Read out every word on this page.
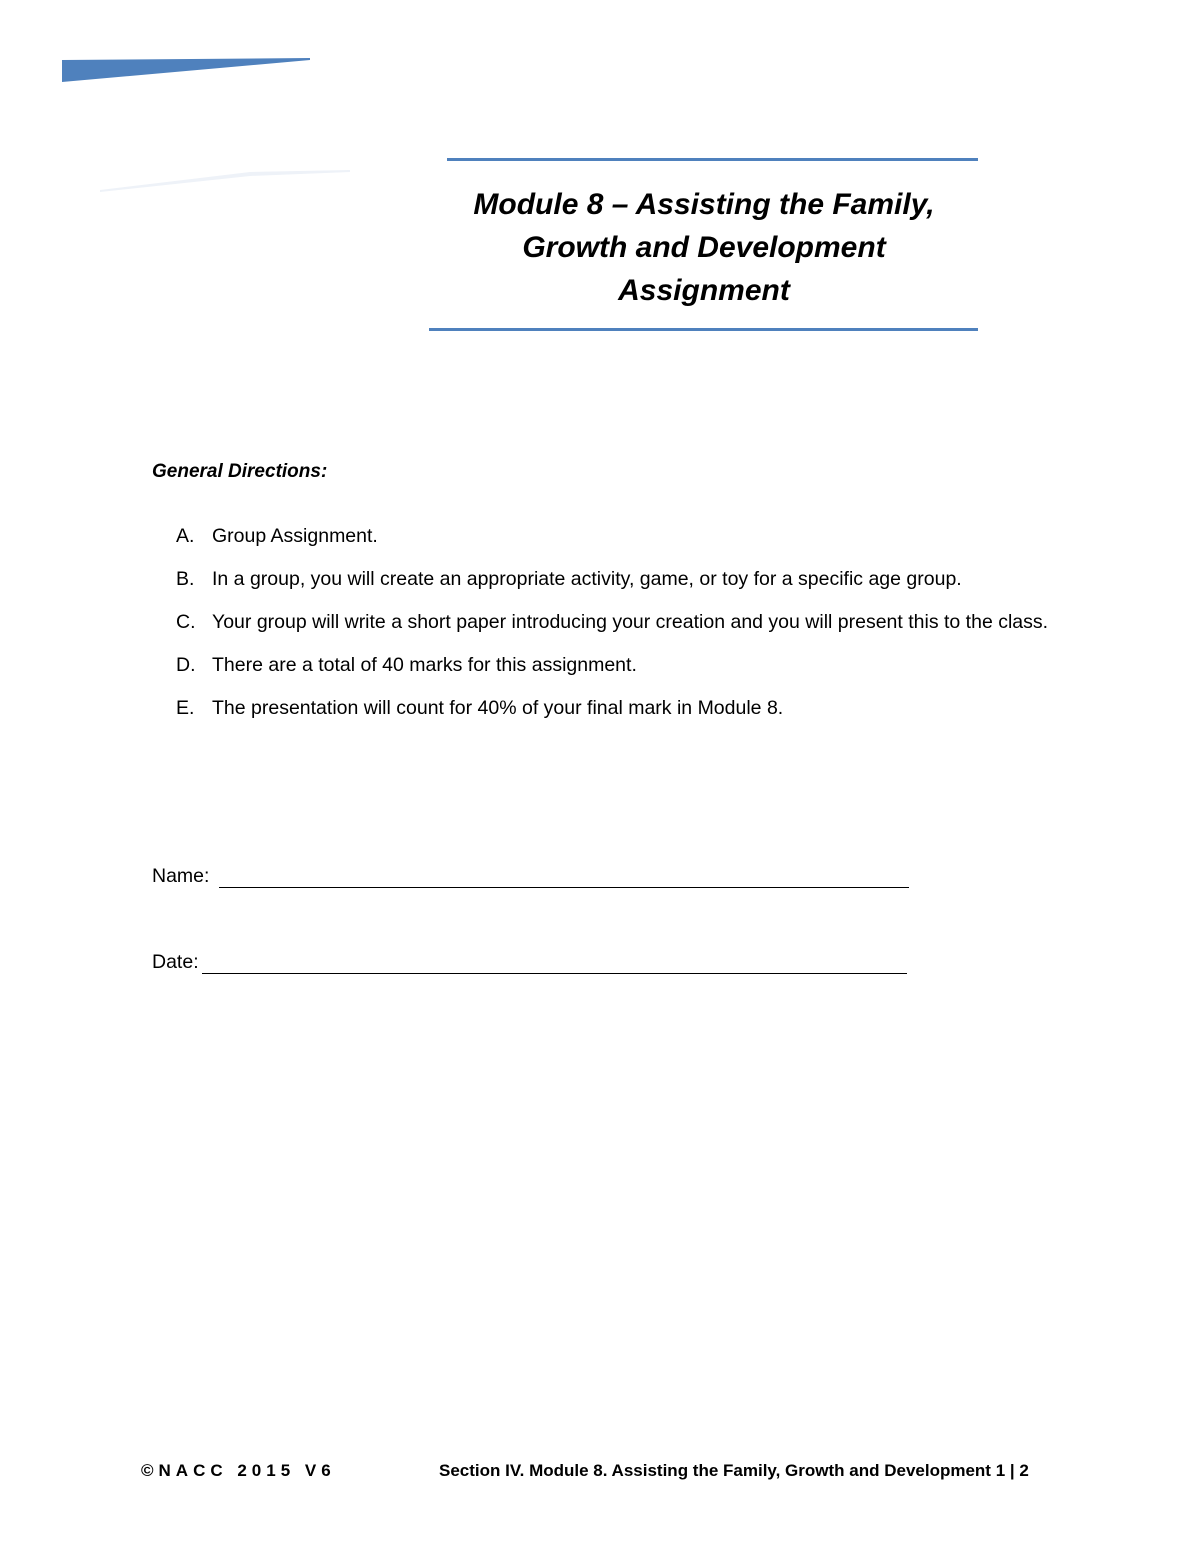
Module 8 – Assisting the Family,
Growth and Development
Assignment
General Directions:
A. Group Assignment.
B. In a group, you will create an appropriate activity, game, or toy for a specific age group.
C. Your group will write a short paper introducing your creation and you will present this to the class.
D. There are a total of 40 marks for this assignment.
E. The presentation will count for 40% of your final mark in Module 8.
Name:
Date:
©NACC 2015 V6	Section IV. Module 8. Assisting the Family, Growth and Development 1 | 2
